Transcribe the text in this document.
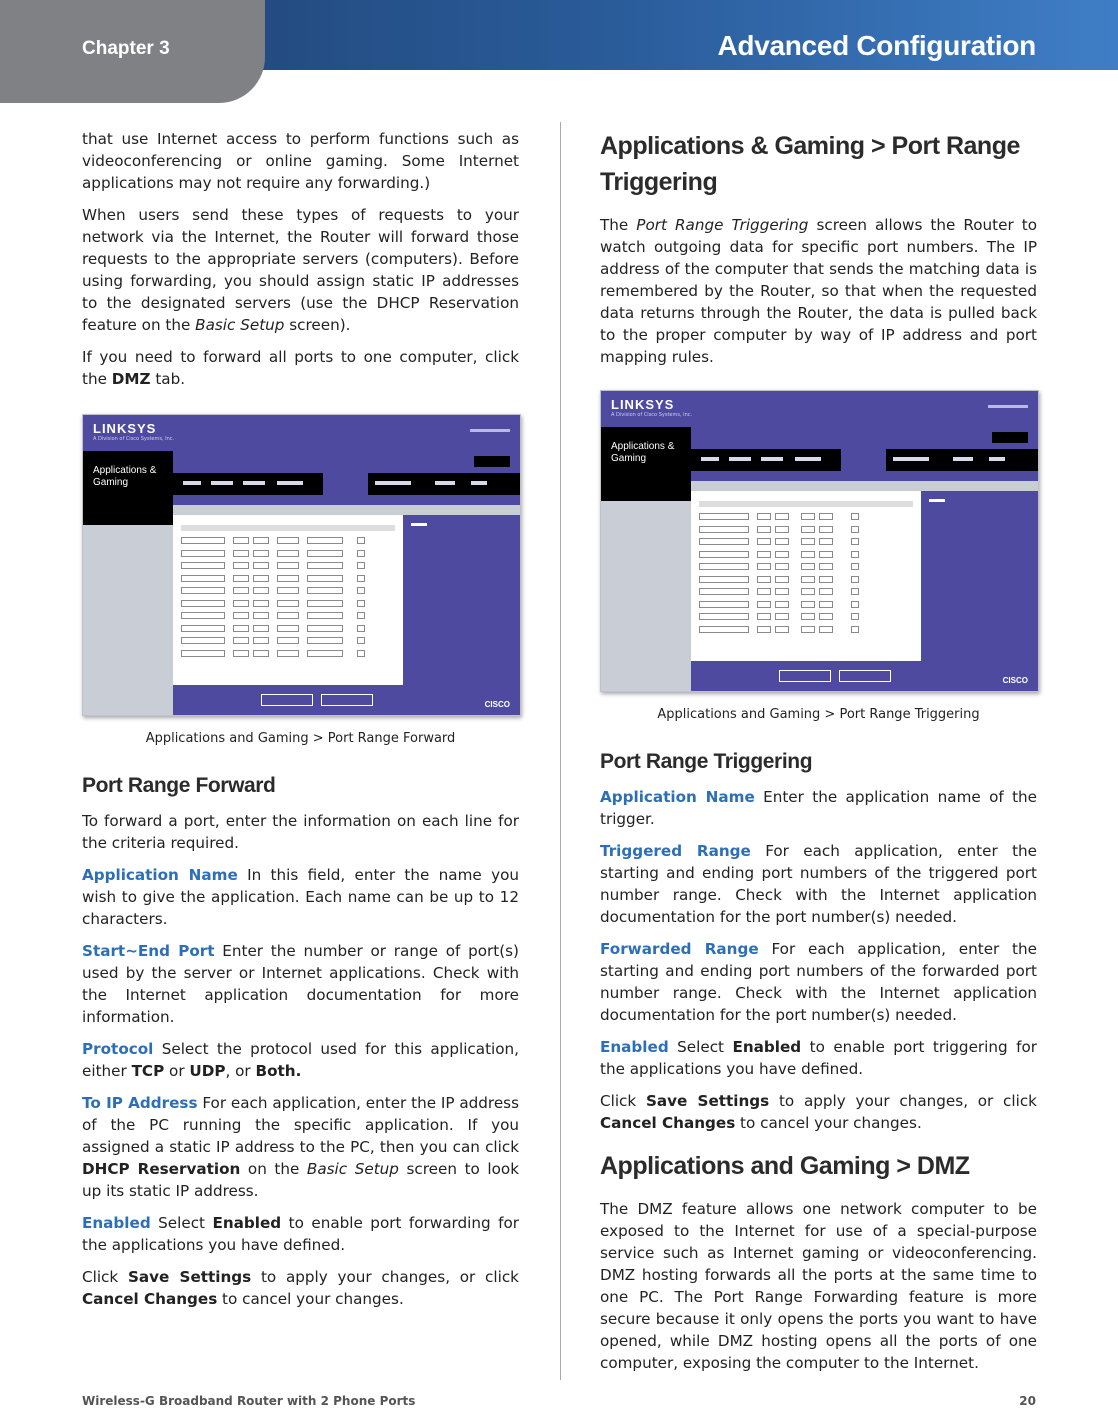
Chapter 3	Advanced Configuration

that use Internet access to perform functions such as videoconferencing or online gaming. Some Internet applications may not require any forwarding.)

When users send these types of requests to your network via the Internet, the Router will forward those requests to the appropriate servers (computers). Before using forwarding, you should assign static IP addresses to the designated servers (use the DHCP Reservation feature on the Basic Setup screen).

If you need to forward all ports to one computer, click the DMZ tab.

LINKSYS
A Division of Cisco Systems, Inc.
Applications & Gaming

CISCO

Applications and Gaming > Port Range Forward

Port Range Forward

To forward a port, enter the information on each line for the criteria required.

Application Name In this field, enter the name you wish to give the application. Each name can be up to 12 characters.

Start~End Port Enter the number or range of port(s) used by the server or Internet applications. Check with the Internet application documentation for more information.

Protocol Select the protocol used for this application, either TCP or UDP, or Both.

To IP Address For each application, enter the IP address of the PC running the specific application. If you assigned a static IP address to the PC, then you can click DHCP Reservation on the Basic Setup screen to look up its static IP address.

Enabled Select Enabled to enable port forwarding for the applications you have defined.

Click Save Settings to apply your changes, or click Cancel Changes to cancel your changes.

Applications & Gaming > Port Range Triggering

The Port Range Triggering screen allows the Router to watch outgoing data for specific port numbers. The IP address of the computer that sends the matching data is remembered by the Router, so that when the requested data returns through the Router, the data is pulled back to the proper computer by way of IP address and port mapping rules.

LINKSYS
A Division of Cisco Systems, Inc.
Applications & Gaming

CISCO

Applications and Gaming > Port Range Triggering

Port Range Triggering

Application Name Enter the application name of the trigger.

Triggered Range For each application, enter the starting and ending port numbers of the triggered port number range. Check with the Internet application documentation for the port number(s) needed.

Forwarded Range For each application, enter the starting and ending port numbers of the forwarded port number range. Check with the Internet application documentation for the port number(s) needed.

Enabled Select Enabled to enable port triggering for the applications you have defined.

Click Save Settings to apply your changes, or click Cancel Changes to cancel your changes.

Applications and Gaming > DMZ

The DMZ feature allows one network computer to be exposed to the Internet for use of a special-purpose service such as Internet gaming or videoconferencing. DMZ hosting forwards all the ports at the same time to one PC. The Port Range Forwarding feature is more secure because it only opens the ports you want to have opened, while DMZ hosting opens all the ports of one computer, exposing the computer to the Internet.

Wireless-G Broadband Router with 2 Phone Ports	20
